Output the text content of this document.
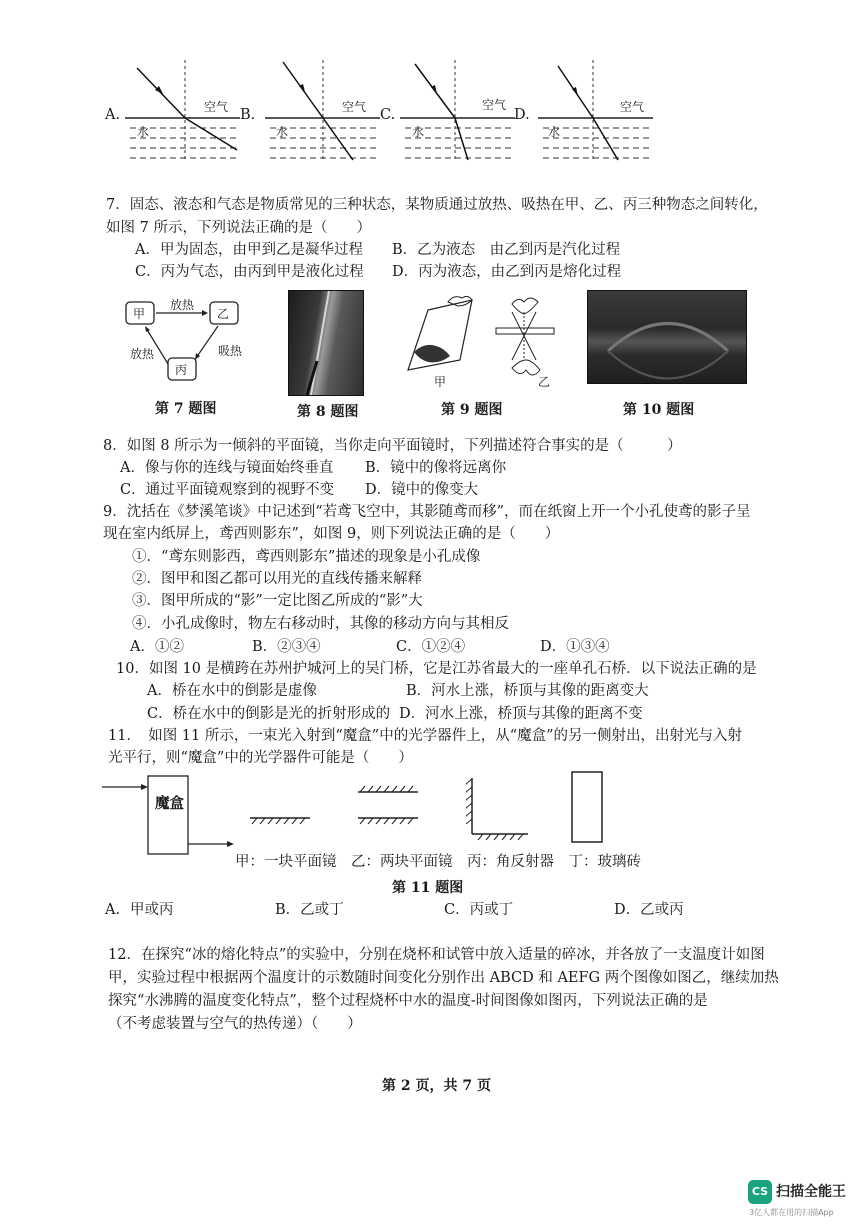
A.	B.	C.	D.
空气
水
空气
水
空气
水
空气
水
7．固态、液态和气态是物质常见的三种状态，某物质通过放热、吸热在甲、乙、丙三种物态之间转化，
如图 7 所示，下列说法正确的是（　　）
A．甲为固态，由甲到乙是凝华过程 B．乙为液态　由乙到丙是汽化过程
C．丙为气态，由丙到甲是液化过程 D．丙为液态，由乙到丙是熔化过程
甲	乙
丙
放热
吸热
放热
甲	乙
第 7 题图	第 8 题图	第 9 题图	第 10 题图
8．如图 8 所示为一倾斜的平面镜，当你走向平面镜时，下列描述符合事实的是（　　　）
A．像与你的连线与镜面始终垂直 B．镜中的像将远离你
C．通过平面镜观察到的视野不变 D．镜中的像变大
9．沈括在《梦溪笔谈》中记述到“若鸢飞空中，其影随鸢而移”，而在纸窗上开一个小孔使鸢的影子呈
现在室内纸屏上，鸢西则影东”，如图 9，则下列说法正确的是（　　）
①．“鸢东则影西，鸢西则影东”描述的现象是小孔成像
②．图甲和图乙都可以用光的直线传播来解释
③．图甲所成的“影”一定比图乙所成的“影”大
④．小孔成像时，物左右移动时，其像的移动方向与其相反
A．①②	B．②③④	C．①②④	D．①③④
10．如图 10 是横跨在苏州护城河上的吴门桥，它是江苏省最大的一座单孔石桥．以下说法正确的是
A．桥在水中的倒影是虚像	B．河水上涨，桥顶与其像的距离变大
C．桥在水中的倒影是光的折射形成的 D．河水上涨，桥顶与其像的距离不变
11．　如图 11 所示，一束光入射到“魔盒”中的光学器件上，从“魔盒”的另一侧射出，出射光与入射
光平行，则“魔盒”中的光学器件可能是（　　）
魔盒
甲：一块平面镜　乙：两块平面镜　丙：角反射器　丁：玻璃砖
第 11 题图
A．甲或丙	B．乙或丁	C．丙或丁	D．乙或丙
12．在探究“冰的熔化特点”的实验中，分别在烧杯和试管中放入适量的碎冰，并各放了一支温度计如图
甲，实验过程中根据两个温度计的示数随时间变化分别作出 ABCD 和 AEFG 两个图像如图乙，继续加热
探究“水沸腾的温度变化特点”，整个过程烧杯中水的温度-时间图像如图丙，下列说法正确的是
（不考虑装置与空气的热传递）（　　）
第 2 页，共 7 页
CS 扫描全能王
3亿人都在用的扫描App
